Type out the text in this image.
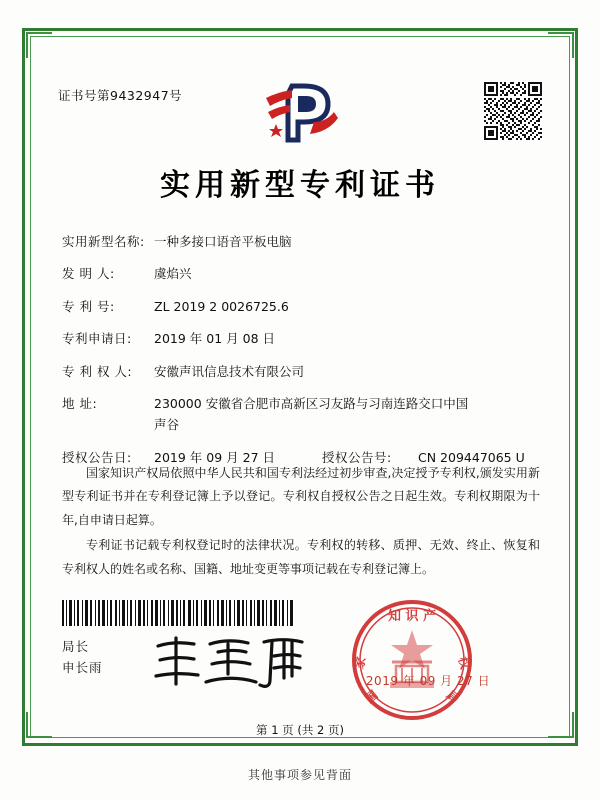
证书号第9432947号
实用新型专利证书
实用新型名称: 一种多接口语音平板电脑
发 明 人:	虞焰兴
专 利 号:	ZL 2019 2 0026725.6
专利申请日:	2019 年 01 月 08 日
专 利 权 人:	安徽声讯信息技术有限公司
地 址:	230000 安徽省合肥市高新区习友路与习南连路交口中国
声谷
授权公告日:	2019 年 09 月 27 日	授权公告号:	CN 209447065 U

国家知识产权局依照中华人民共和国专利法经过初步审查,决定授予专利权,颁发实用新型专利证书并在专利登记簿上予以登记。专利权自授权公告之日起生效。专利权期限为十年,自申请日起算。

专利证书记载专利权登记时的法律状况。专利权的转移、质押、无效、终止、恢复和专利权人的姓名或名称、国籍、地址变更等事项记载在专利登记簿上。

局长
申长雨
知 识 产
家	权
国	局
2019 年 09 月 27 日
第 1 页 (共 2 页)
其他事项参见背面
